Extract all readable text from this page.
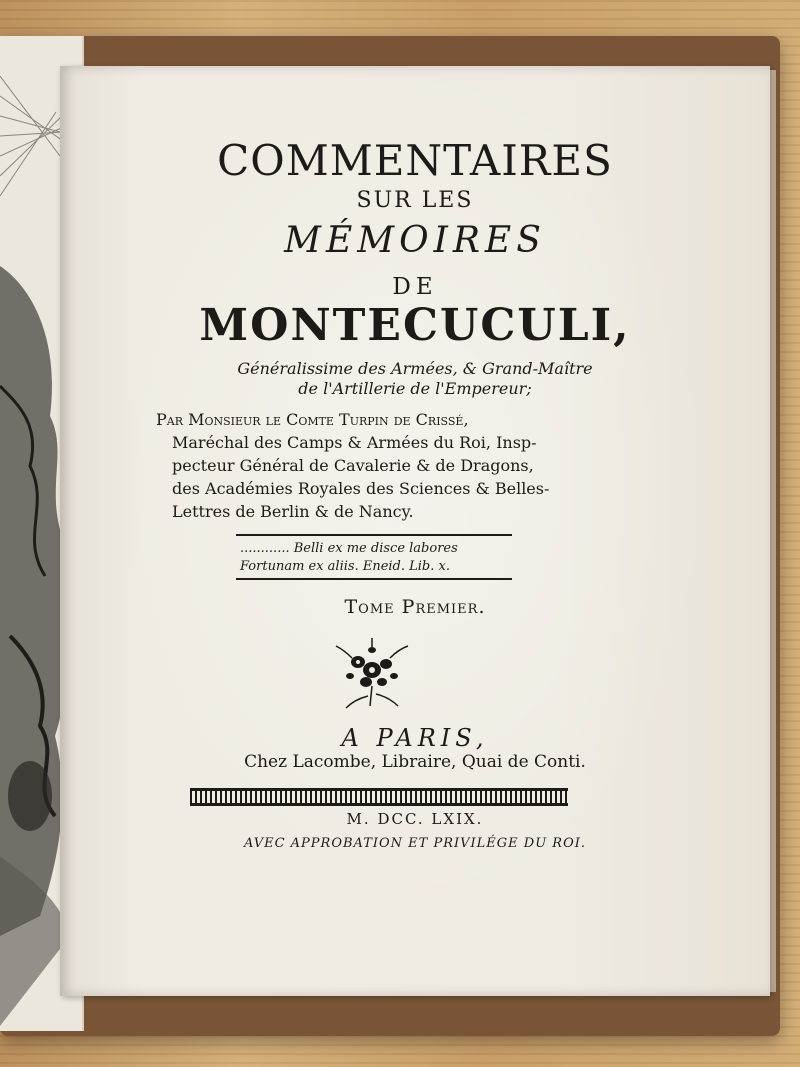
COMMENTAIRES
SUR LES
MÉMOIRES
DE
MONTECUCULI,
Généralissime des Armées, & Grand-Maître
de l'Artillerie de l'Empereur;
Par Monsieur le Comte Turpin de Crissé,
Maréchal des Camps & Armées du Roi, Insp-
pecteur Général de Cavalerie & de Dragons,
des Académies Royales des Sciences & Belles-
Lettres de Berlin & de Nancy.
............ Belli ex me disce labores
Fortunam ex aliis. Eneid. Lib. x.
Tome Premier.
A PARIS,
Chez Lacombe, Libraire, Quai de Conti.
M. DCC. LXIX.
AVEC APPROBATION ET PRIVILÉGE DU ROI.
